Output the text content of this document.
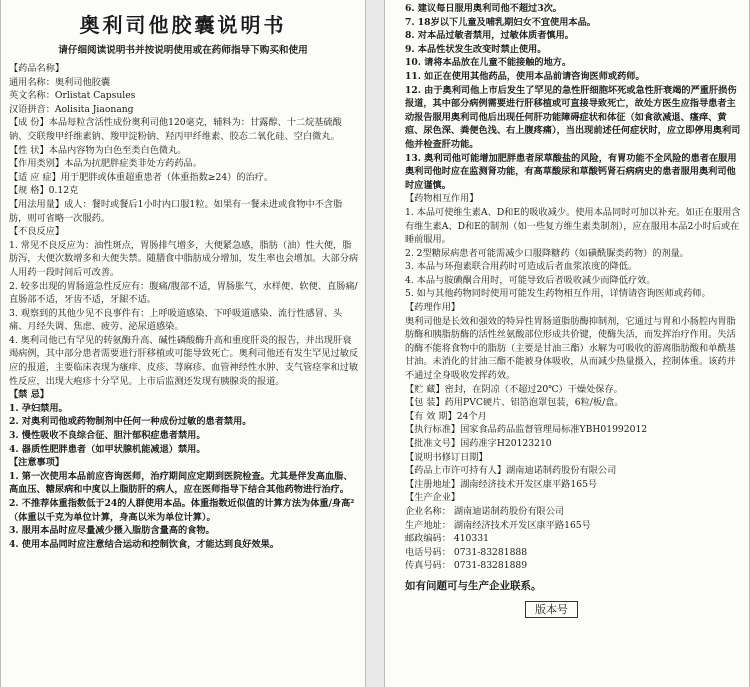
奥利司他胶囊说明书
请仔细阅读说明书并按说明使用或在药师指导下购买和使用

【药品名称】

通用名称：奥利司他胶囊

英文名称：Orlistat Capsules

汉语拼音：Aolisita Jiaonang

【成 份】本品每粒含活性成份奥利司他120毫克，辅料为：甘露醇、十二烷基硫酸钠、交联羧甲纤维素钠、羧甲淀粉钠、羟丙甲纤维素、胶态二氧化硅、空白微丸。

【性 状】本品内容物为白色至类白色微丸。

【作用类别】本品为抗肥胖症类非处方药药品。

【适 应 症】用于肥胖或体重超重患者（体重指数≥24）的治疗。

【规 格】0.12克

【用法用量】成人：餐时或餐后1小时内口服1粒。如果有一餐未进或食物中不含脂肪，则可省略一次服药。

【不良反应】

1. 常见不良反应为：油性斑点，胃肠排气增多，大便紧急感，脂肪（油）性大便，脂肪泻，大便次数增多和大便失禁。随膳食中脂肪成分增加，发生率也会增加。大部分病人用药一段时间后可改善。

2. 较多出现的胃肠道急性反应有：腹痛/腹部不适，胃肠胀气，水样便、软便、直肠痛/直肠部不适，牙齿不适，牙龈不适。

3. 观察到的其他少见不良事件有：上呼吸道感染、下呼吸道感染、流行性感冒、头痛、月经失调、焦虑、疲劳、泌尿道感染。

4. 奥利司他已有罕见的转氨酶升高、碱性磷酸酶升高和重度肝炎的报告，并出现肝衰竭病例，其中部分患者需要进行肝移植或可能导致死亡。奥利司他还有发生罕见过敏反应的报道，主要临床表现为瘙痒、皮疹、荨麻疹、血管神经性水肿、支气管痉挛和过敏性反应，出现大疱疹十分罕见。上市后监测还发现有胰腺炎的报道。

【禁 忌】

1. 孕妇禁用。

2. 对奥利司他或药物制剂中任何一种成份过敏的患者禁用。

3. 慢性吸收不良综合征、胆汁郁积症患者禁用。

4. 器质性肥胖患者（如甲状腺机能减退）禁用。

【注意事项】

1. 第一次使用本品前应咨询医师，治疗期间应定期到医院检查。尤其是伴发高血脂、高血压、糖尿病和中度以上脂肪肝的病人，应在医师指导下结合其他药物进行治疗。

2. 不推荐体重指数低于24的人群使用本品。体重指数近似值的计算方法为体重/身高²（体重以千克为单位计算，身高以米为单位计算）。

3. 服用本品时应尽量减少摄入脂肪含量高的食物。

4. 使用本品同时应注意结合运动和控制饮食，才能达到良好效果。

6. 建议每日服用奥利司他不超过3次。

7. 18岁以下儿童及哺乳期妇女不宜使用本品。

8. 对本品过敏者禁用，过敏体质者慎用。

9. 本品性状发生改变时禁止使用。

10. 请将本品放在儿童不能接触的地方。

11. 如正在使用其他药品，使用本品前请咨询医师或药师。

12. 由于奥利司他上市后发生了罕见的急性肝细胞坏死或急性肝衰竭的严重肝损伤报道，其中部分病例需要进行肝移植或可直接导致死亡，故处方医生应指导患者主动报告服用奥利司他后出现任何肝功能障碍症状和体征（如食欲减退、瘙痒、黄疸、尿色深、粪便色浅、右上腹疼痛），当出现前述任何症状时，应立即停用奥利司他并检查肝功能。

13. 奥利司他可能增加肥胖患者尿草酸盐的风险，有胃功能不全风险的患者在服用奥利司他时应在监测肾功能，有高草酸尿和草酸钙肾石病病史的患者服用奥利司他时应谨慎。

【药物相互作用】

1. 本品可使维生素A、D和E的吸收减少。使用本品同时可加以补充。如正在服用含有维生素A、D和E的制剂（如一些复方维生素类制剂），应在服用本品2小时后或在睡前服用。

2. 2型糖尿病患者可能需减少口服降糖药（如磺酰脲类药物）的剂量。

3. 本品与环孢素联合用药时可造成后者血浆浓度的降低。

4. 本品与胺碘酮合用时，可能导致后者吸收减少而降低疗效。

5. 如与其他药物同时使用可能发生药物相互作用，详情请咨询医师或药师。

【药理作用】

奥利司他是长效和强效的特异性胃肠道脂肪酶抑制剂，它通过与胃和小肠腔内胃脂肪酶和胰脂肪酶的活性丝氨酸部位形成共价键，使酶失活，而发挥治疗作用。失活的酶不能将食物中的脂肪（主要是甘油三酯）水解为可吸收的游离脂肪酸和单酰基甘油。未消化的甘油三酯不能被身体吸收，从而减少热量摄入，控制体重。该药并不通过全身吸收发挥药效。

【贮 藏】密封，在阴凉（不超过20℃）干燥处保存。

【包 装】药用PVC硬片、铝箔泡罩包装，6粒/板/盒。

【有 效 期】24个月

【执行标准】国家食品药品监督管理局标准YBH01992012

【批准文号】国药准字H20123210

【说明书修订日期】

【药品上市许可持有人】湖南迪诺制药股份有限公司

【注册地址】湖南经济技术开发区康平路165号

【生产企业】

企业名称： 湖南迪诺制药股份有限公司

生产地址： 湖南经济技术开发区康平路165号

邮政编码： 410331

电话号码： 0731-83281888

传真号码： 0731-83281889

如有问题可与生产企业联系。

版本号
